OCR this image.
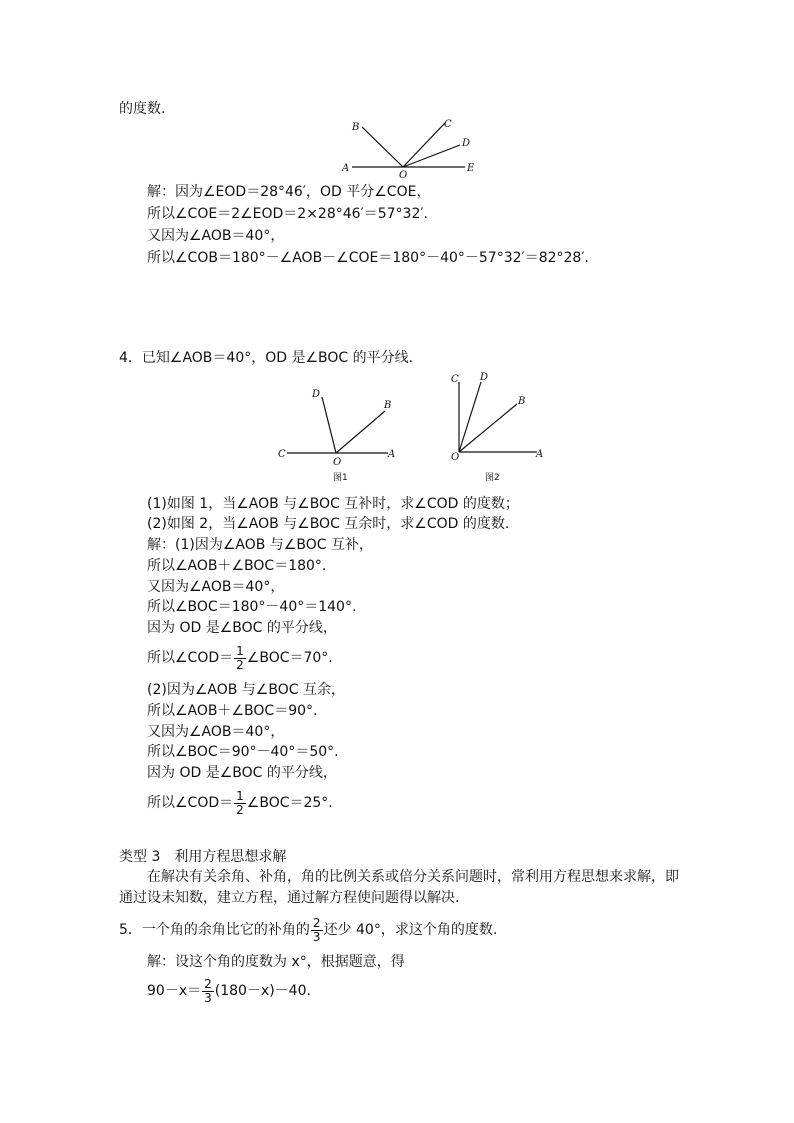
的度数.
A
B	C
D
E
O
解：因为∠EOD＝28°46′，OD 平分∠COE，
所以∠COE＝2∠EOD＝2×28°46′＝57°32′.
又因为∠AOB＝40°，
所以∠COB＝180°－∠AOB－∠COE＝180°－40°－57°32′＝82°28′.
4．已知∠AOB＝40°，OD 是∠BOC 的平分线.
C
D
B
A
O
图1
C D
B
A
O
图2
(1)如图 1，当∠AOB 与∠BOC 互补时，求∠COD 的度数；
(2)如图 2，当∠AOB 与∠BOC 互余时，求∠COD 的度数.
解：(1)因为∠AOB 与∠BOC 互补，
所以∠AOB＋∠BOC＝180°.
又因为∠AOB＝40°，
所以∠BOC＝180°－40°＝140°.
因为 OD 是∠BOC 的平分线，
所以∠COD＝ $\frac{1}{2}$ ∠BOC＝70°.
(2)因为∠AOB 与∠BOC 互余，
所以∠AOB＋∠BOC＝90°.
又因为∠AOB＝40°，
所以∠BOC＝90°－40°＝50°.
因为 OD 是∠BOC 的平分线，
所以∠COD＝ $\frac{1}{2}$ ∠BOC＝25°.
类型 3　利用方程思想求解
在解决有关余角、补角，角的比例关系或倍分关系问题时，常利用方程思想来求解，即
通过设未知数，建立方程，通过解方程使问题得以解决.
5．一个角的余角比它的补角的 $\frac{2}{3}$ 还少 40°，求这个角的度数.
解：设这个角的度数为 x°，根据题意，得
$90-x= \frac{2}{3} (180-x)-40$.
